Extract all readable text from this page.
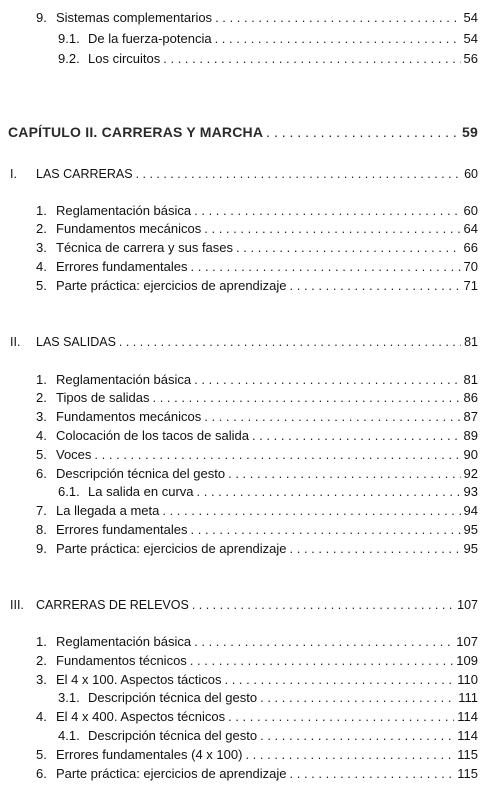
9. Sistemas complementarios . . .	54
9.1. De la fuerza-potencia . . .	54
9.2. Los circuitos . . .	56
CAPÍTULO II. CARRERAS Y MARCHA . . .	59
I.	LAS CARRERAS . . .	60
1. Reglamentación básica . . .	60
2. Fundamentos mecánicos . . .	64
3. Técnica de carrera y sus fases . . .	66
4. Errores fundamentales . . .	70
5. Parte práctica: ejercicios de aprendizaje . . .	71
II.	LAS SALIDAS . . .	81
1. Reglamentación básica . . .	81
2. Tipos de salidas . . .	86
3. Fundamentos mecánicos . . .	87
4. Colocación de los tacos de salida . . .	89
5. Voces . . .	90
6. Descripción técnica del gesto . . .	92
6.1. La salida en curva . . .	93
7. La llegada a meta . . .	94
8. Errores fundamentales . . .	95
9. Parte práctica: ejercicios de aprendizaje . . .	95
III. CARRERAS DE RELEVOS . . .	107
1. Reglamentación básica . . .	107
2. Fundamentos técnicos . . .	109
3. El 4 x 100. Aspectos tácticos . . .	110
3.1. Descripción técnica del gesto . . .	111
4. El 4 x 400. Aspectos técnicos . . .	114
4.1. Descripción técnica del gesto . . .	114
5. Errores fundamentales (4 x 100) . . .	115
6. Parte práctica: ejercicios de aprendizaje . . .	115
